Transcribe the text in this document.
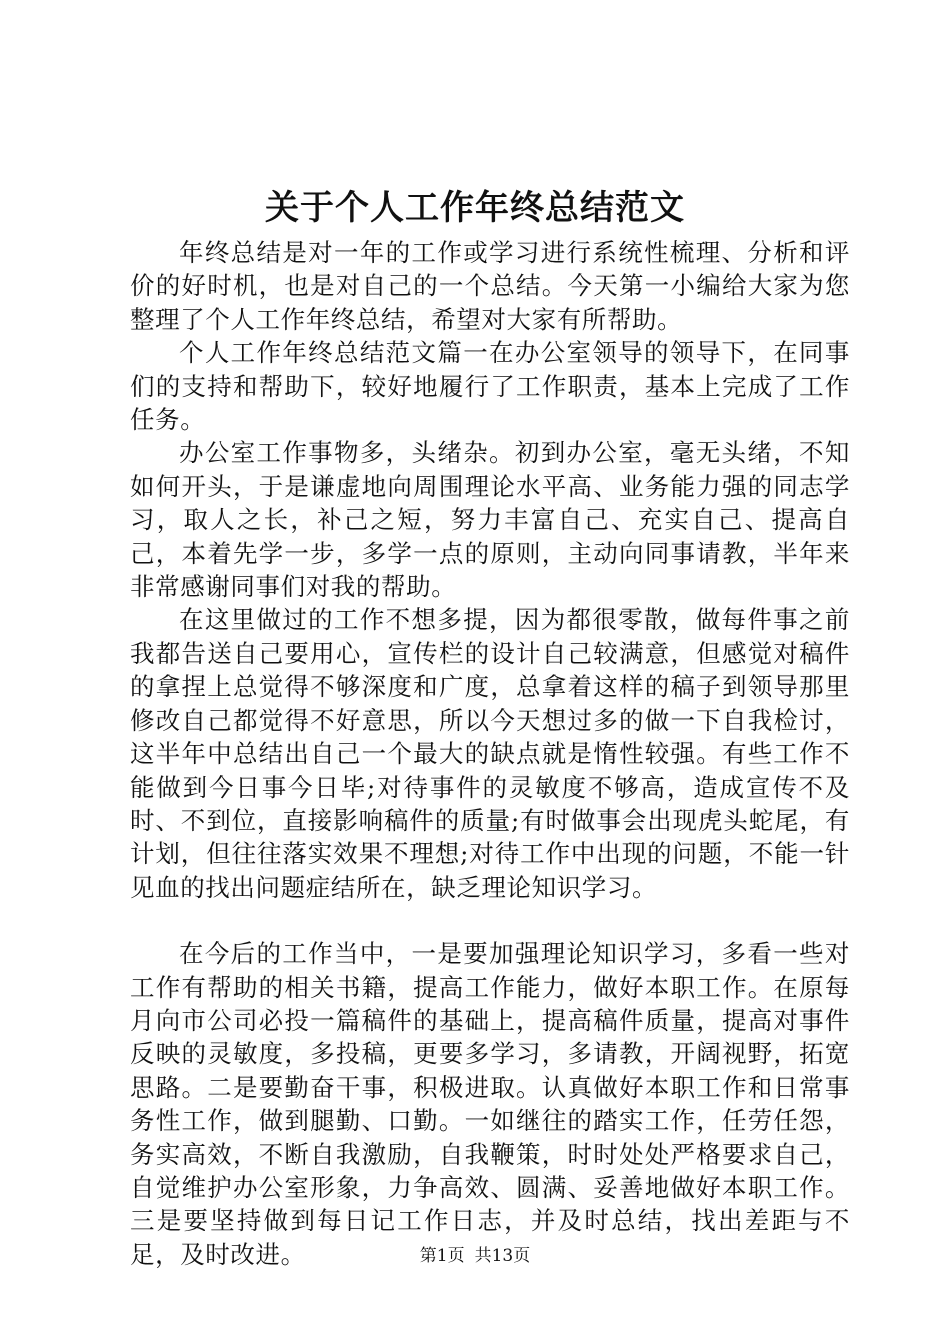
关于个人工作年终总结范文

年终总结是对一年的工作或学习进行系统性梳理、分析和评价的好时机，也是对自己的一个总结。今天第一小编给大家为您整理了个人工作年终总结，希望对大家有所帮助。

个人工作年终总结范文篇一在办公室领导的领导下，在同事们的支持和帮助下，较好地履行了工作职责，基本上完成了工作任务。

办公室工作事物多，头绪杂。初到办公室，毫无头绪，不知如何开头，于是谦虚地向周围理论水平高、业务能力强的同志学习，取人之长，补己之短，努力丰富自己、充实自己、提高自己，本着先学一步，多学一点的原则，主动向同事请教，半年来非常感谢同事们对我的帮助。

在这里做过的工作不想多提，因为都很零散，做每件事之前我都告送自己要用心，宣传栏的设计自己较满意，但感觉对稿件的拿捏上总觉得不够深度和广度，总拿着这样的稿子到领导那里修改自己都觉得不好意思，所以今天想过多的做一下自我检讨，这半年中总结出自己一个最大的缺点就是惰性较强。有些工作不能做到今日事今日毕;对待事件的灵敏度不够高，造成宣传不及时、不到位，直接影响稿件的质量;有时做事会出现虎头蛇尾，有计划，但往往落实效果不理想;对待工作中出现的问题，不能一针见血的找出问题症结所在，缺乏理论知识学习。

在今后的工作当中，一是要加强理论知识学习，多看一些对工作有帮助的相关书籍，提高工作能力，做好本职工作。在原每月向市公司必投一篇稿件的基础上，提高稿件质量，提高对事件反映的灵敏度，多投稿，更要多学习，多请教，开阔视野，拓宽思路。二是要勤奋干事，积极进取。认真做好本职工作和日常事务性工作，做到腿勤、口勤。一如继往的踏实工作，任劳任怨，务实高效，不断自我激励，自我鞭策，时时处处严格要求自己，自觉维护办公室形象，力争高效、圆满、妥善地做好本职工作。三是要坚持做到每日记工作日志，并及时总结，找出差距与不足，及时改进。	第1页 共13页
